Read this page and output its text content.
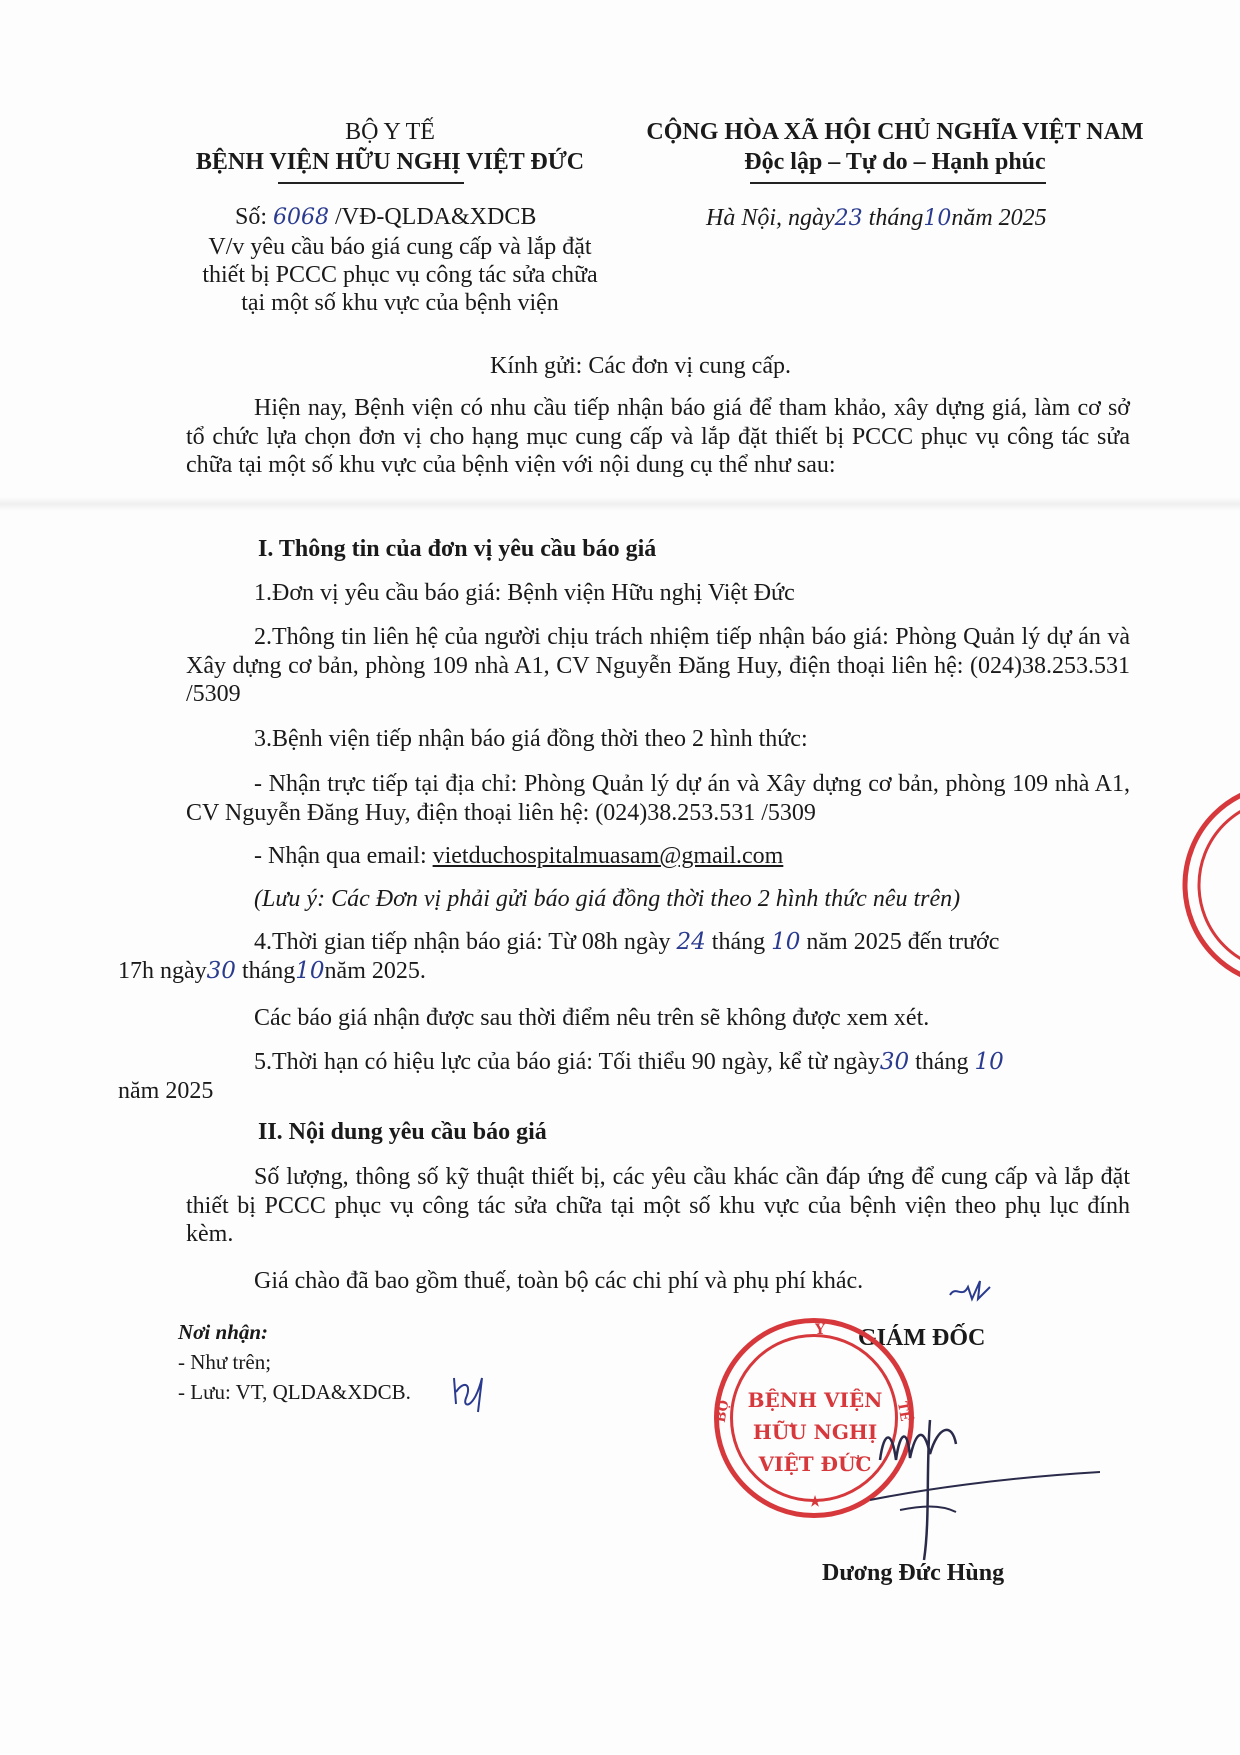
BỘ Y TẾ
BỆNH VIỆN HỮU NGHỊ VIỆT ĐỨC
Số: 6068 /VĐ-QLDA&XDCB
V/v yêu cầu báo giá cung cấp và lắp đặt
thiết bị PCCC phục vụ công tác sửa chữa
tại một số khu vực của bệnh viện
CỘNG HÒA XÃ HỘI CHỦ NGHĨA VIỆT NAM
Độc lập – Tự do – Hạnh phúc
Hà Nội, ngày23 tháng10năm 2025
Kính gửi: Các đơn vị cung cấp.
Hiện nay, Bệnh viện có nhu cầu tiếp nhận báo giá để tham khảo, xây dựng giá, làm cơ sở tổ chức lựa chọn đơn vị cho hạng mục cung cấp và lắp đặt thiết bị PCCC phục vụ công tác sửa chữa tại một số khu vực của bệnh viện với nội dung cụ thể như sau:
I. Thông tin của đơn vị yêu cầu báo giá
1.Đơn vị yêu cầu báo giá: Bệnh viện Hữu nghị Việt Đức
2.Thông tin liên hệ của người chịu trách nhiệm tiếp nhận báo giá: Phòng Quản lý dự án và Xây dựng cơ bản, phòng 109 nhà A1, CV Nguyễn Đăng Huy, điện thoại liên hệ: (024)38.253.531 /5309
3.Bệnh viện tiếp nhận báo giá đồng thời theo 2 hình thức:
- Nhận trực tiếp tại địa chỉ: Phòng Quản lý dự án và Xây dựng cơ bản, phòng 109 nhà A1, CV Nguyễn Đăng Huy, điện thoại liên hệ: (024)38.253.531 /5309
- Nhận qua email: vietduchospitalmuasam@gmail.com
(Lưu ý: Các Đơn vị phải gửi báo giá đồng thời theo 2 hình thức nêu trên)
4.Thời gian tiếp nhận báo giá: Từ 08h ngày 24 tháng 10 năm 2025 đến trước
17h ngày30 tháng10năm 2025.
Các báo giá nhận được sau thời điểm nêu trên sẽ không được xem xét.
5.Thời hạn có hiệu lực của báo giá: Tối thiểu 90 ngày, kể từ ngày30 tháng 10
năm 2025
II. Nội dung yêu cầu báo giá
Số lượng, thông số kỹ thuật thiết bị, các yêu cầu khác cần đáp ứng để cung cấp và lắp đặt thiết bị PCCC phục vụ công tác sửa chữa tại một số khu vực của bệnh viện theo phụ lục đính kèm.
Giá chào đã bao gồm thuế, toàn bộ các chi phí và phụ phí khác.
Nơi nhận:
- Như trên;
- Lưu: VT, QLDA&XDCB.
GIÁM ĐỐC
Y
BỘ	TẾ
BỆNH VIỆN
HỮU NGHỊ
VIỆT ĐỨC
★
Dương Đức Hùng
